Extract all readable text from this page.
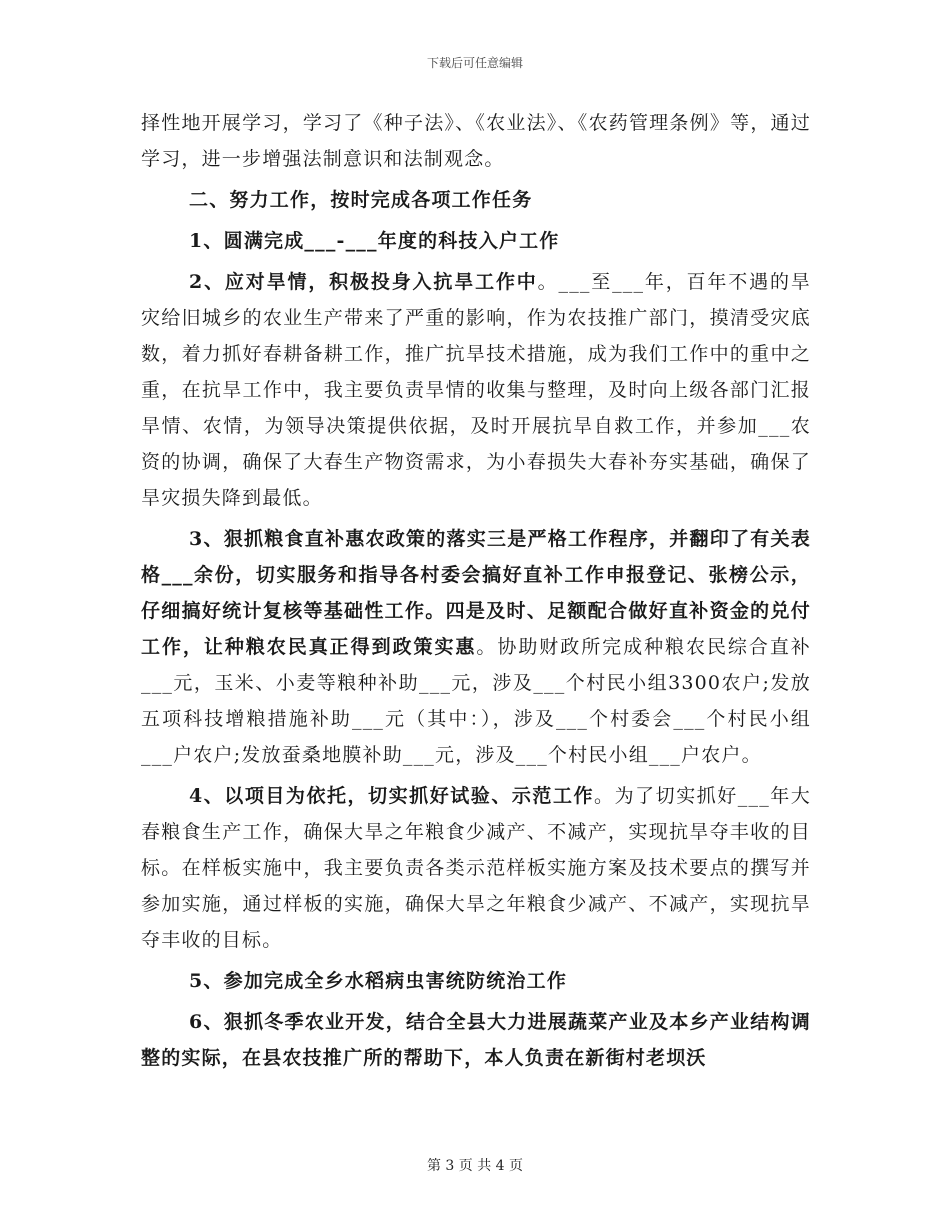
下载后可任意编辑

择性地开展学习，学习了《种子法》、《农业法》、《农药管理条例》等，通过学习，进一步增强法制意识和法制观念。

二、努力工作，按时完成各项工作任务

1、圆满完成___-___年度的科技入户工作

2、应对旱情，积极投身入抗旱工作中。___至___年，百年不遇的旱灾给旧城乡的农业生产带来了严重的影响，作为农技推广部门，摸清受灾底数，着力抓好春耕备耕工作，推广抗旱技术措施，成为我们工作中的重中之重，在抗旱工作中，我主要负责旱情的收集与整理，及时向上级各部门汇报旱情、农情，为领导决策提供依据，及时开展抗旱自救工作，并参加___农资的协调，确保了大春生产物资需求，为小春损失大春补夯实基础，确保了旱灾损失降到最低。

3、狠抓粮食直补惠农政策的落实三是严格工作程序，并翻印了有关表格___余份，切实服务和指导各村委会搞好直补工作申报登记、张榜公示，仔细搞好统计复核等基础性工作。四是及时、足额配合做好直补资金的兑付工作，让种粮农民真正得到政策实惠。协助财政所完成种粮农民综合直补___元，玉米、小麦等粮种补助___元，涉及___个村民小组3300农户;发放五项科技增粮措施补助___元（其中：），涉及___个村委会___个村民小组___户农户;发放蚕桑地膜补助___元，涉及___个村民小组___户农户。

4、以项目为依托，切实抓好试验、示范工作。为了切实抓好___年大春粮食生产工作，确保大旱之年粮食少减产、不减产，实现抗旱夺丰收的目标。在样板实施中，我主要负责各类示范样板实施方案及技术要点的撰写并参加实施，通过样板的实施，确保大旱之年粮食少减产、不减产，实现抗旱夺丰收的目标。

5、参加完成全乡水稻病虫害统防统治工作

6、狠抓冬季农业开发，结合全县大力进展蔬菜产业及本乡产业结构调整的实际，在县农技推广所的帮助下，本人负责在新街村老坝沃

第 3 页 共 4 页
